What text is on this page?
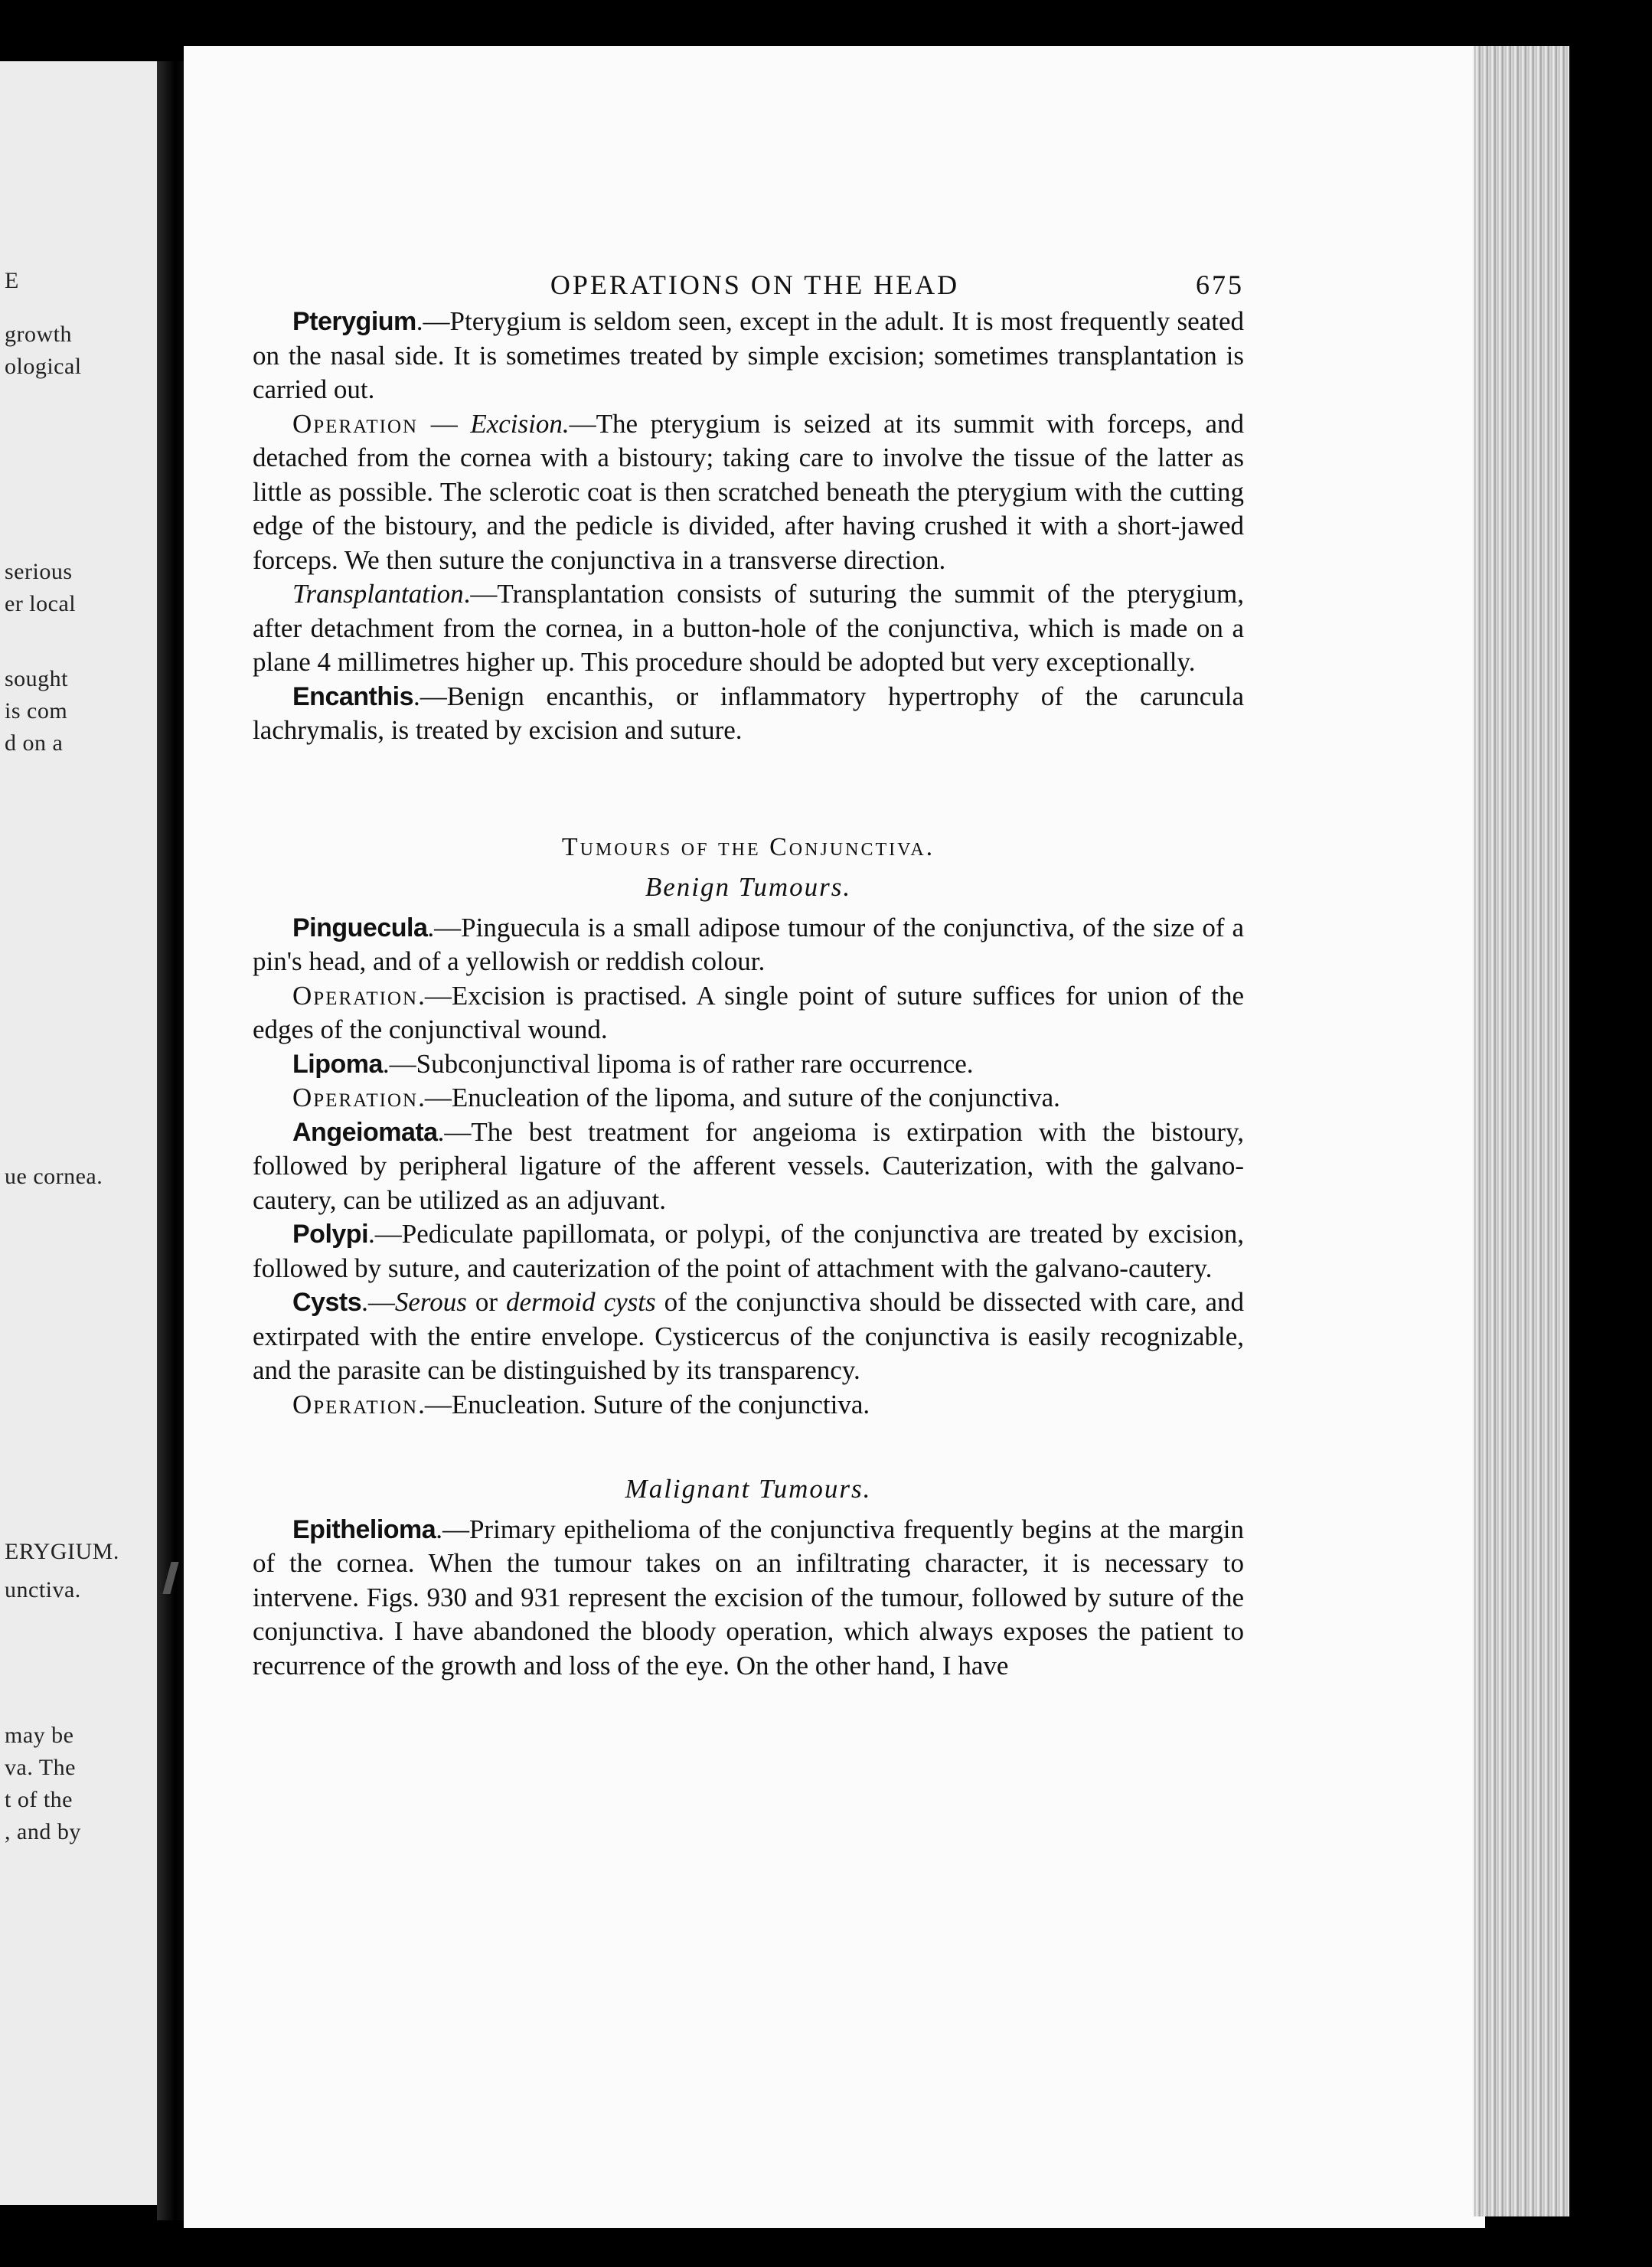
E
growth
ological
serious
er local
sought
is com
d on a
ue cornea.
ERYGIUM.
unctiva.
may be
va. The
t of the
, and by
OPERATIONS ON THE HEAD	675

Pterygium.—Pterygium is seldom seen, except in the adult. It is most frequently seated on the nasal side. It is sometimes treated by simple excision; sometimes transplantation is carried out.

Operation — Excision.—The pterygium is seized at its summit with forceps, and detached from the cornea with a bistoury; taking care to involve the tissue of the latter as little as possible. The sclerotic coat is then scratched beneath the pterygium with the cutting edge of the bistoury, and the pedicle is divided, after having crushed it with a short-jawed forceps. We then suture the conjunctiva in a transverse direction.

Transplantation.—Transplantation consists of suturing the summit of the pterygium, after detachment from the cornea, in a button-hole of the conjunctiva, which is made on a plane 4 millimetres higher up. This procedure should be adopted but very exceptionally.

Encanthis.—Benign encanthis, or inflammatory hypertrophy of the caruncula lachrymalis, is treated by excision and suture.

Tumours of the Conjunctiva.
Benign Tumours.

Pinguecula.—Pinguecula is a small adipose tumour of the conjunctiva, of the size of a pin's head, and of a yellowish or reddish colour.

Operation.—Excision is practised. A single point of suture suffices for union of the edges of the conjunctival wound.

Lipoma.—Subconjunctival lipoma is of rather rare occurrence.

Operation.—Enucleation of the lipoma, and suture of the conjunctiva.

Angeiomata.—The best treatment for angeioma is extirpation with the bistoury, followed by peripheral ligature of the afferent vessels. Cauterization, with the galvano-cautery, can be utilized as an adjuvant.

Polypi.—Pediculate papillomata, or polypi, of the conjunctiva are treated by excision, followed by suture, and cauterization of the point of attachment with the galvano-cautery.

Cysts.—Serous or dermoid cysts of the conjunctiva should be dissected with care, and extirpated with the entire envelope. Cysticercus of the conjunctiva is easily recognizable, and the parasite can be distinguished by its transparency.

Operation.—Enucleation. Suture of the conjunctiva.

Malignant Tumours.

Epithelioma.—Primary epithelioma of the conjunctiva frequently begins at the margin of the cornea. When the tumour takes on an infiltrating character, it is necessary to intervene. Figs. 930 and 931 represent the excision of the tumour, followed by suture of the conjunctiva. I have abandoned the bloody operation, which always exposes the patient to recurrence of the growth and loss of the eye. On the other hand, I have
